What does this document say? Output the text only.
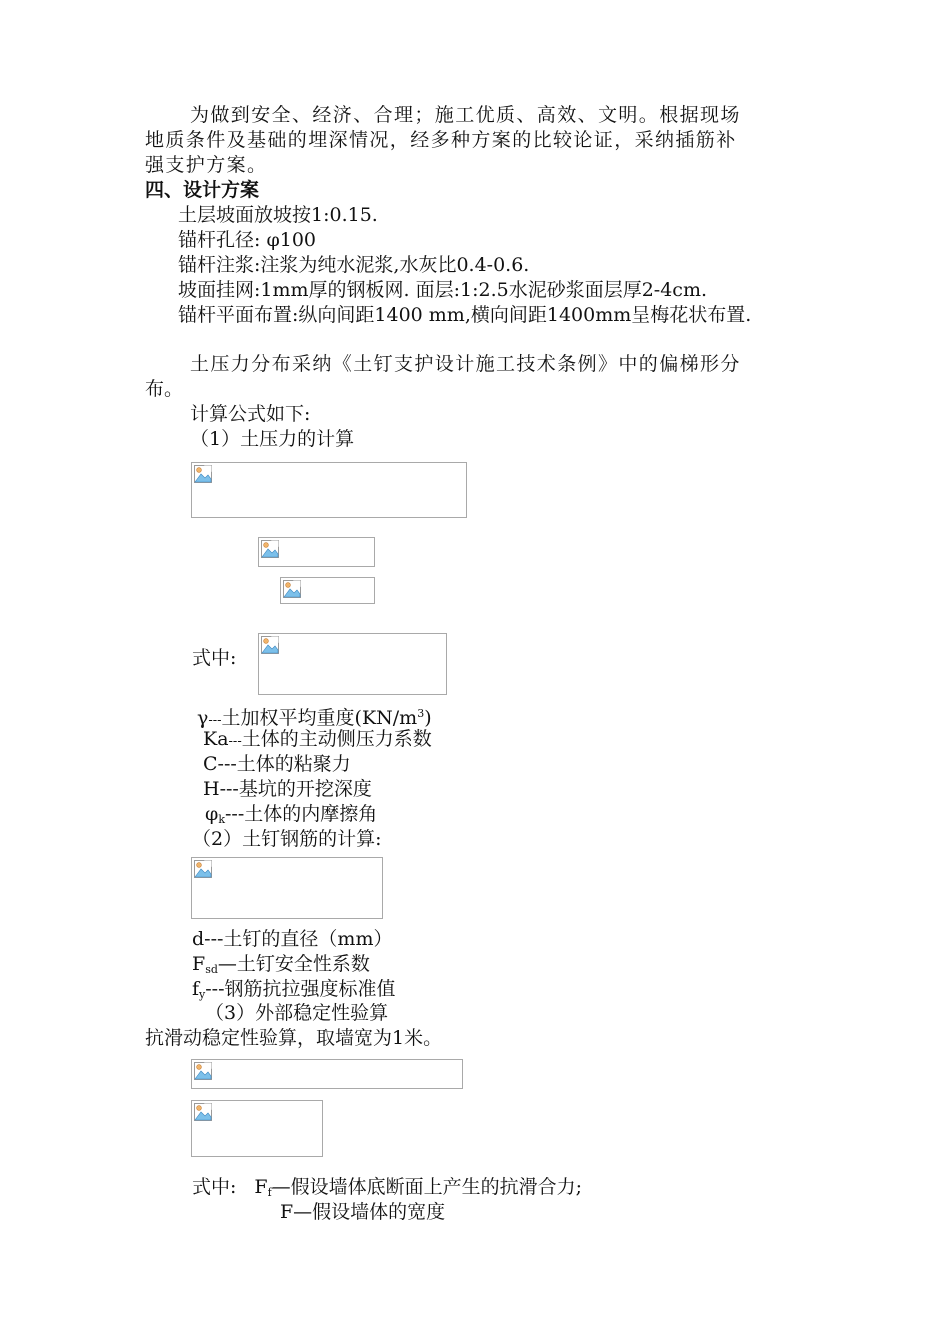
为做到安全、经济、合理；施工优质、高效、文明。根据现场
地质条件及基础的埋深情况，经多种方案的比较论证，采纳插筋补
强支护方案。
四、设计方案
土层坡面放坡按1:0.15.
锚杆孔径: φ100
锚杆注浆:注浆为纯水泥浆,水灰比0.4-0.6.
坡面挂网:1mm厚的钢板网. 面层:1:2.5水泥砂浆面层厚2-4cm.
锚杆平面布置:纵向间距1400 mm,横向间距1400mm呈梅花状布置.
土压力分布采纳《土钉支护设计施工技术条例》中的偏梯形分
布。
计算公式如下:
（1）土压力的计算
式中:
γ---土加权平均重度$(KN/m^3)$
Ka---土体的主动侧压力系数
C---土体的粘聚力
H---基坑的开挖深度
$\varphi_k---$土体的内摩擦角
（2）土钉钢筋的计算:
d---土钉的直径（mm）
$F_{sd}—$土钉安全性系数
$f_y---$钢筋抗拉强度标准值
（3）外部稳定性验算
抗滑动稳定性验算，取墙宽为1米。
式中: $F_f—$假设墙体底断面上产生的抗滑合力;
F—假设墙体的宽度
